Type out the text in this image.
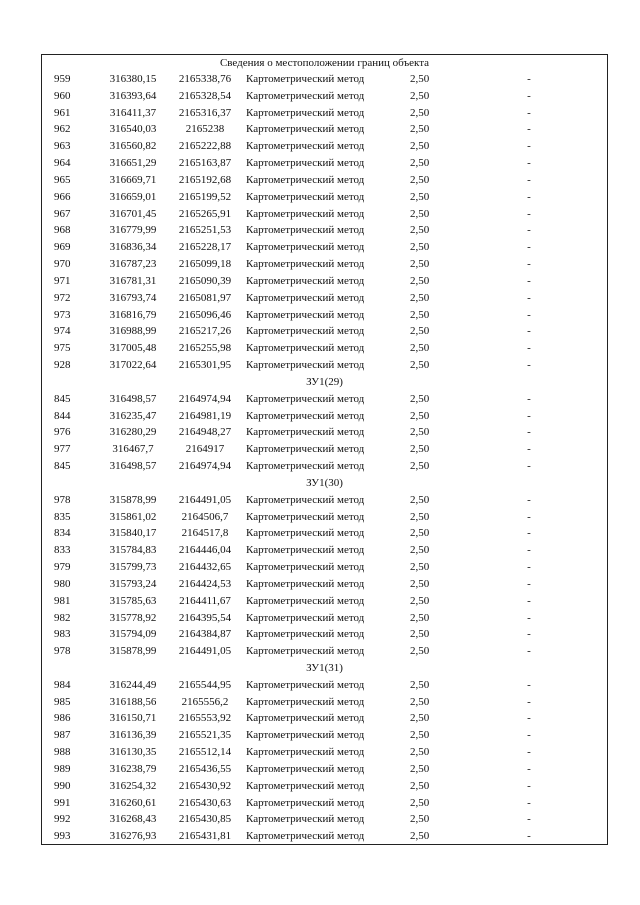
Сведения о местоположении границ объекта
959	316380,15	2165338,76	Картометрический метод	2,50	-
960	316393,64	2165328,54	Картометрический метод	2,50	-
961	316411,37	2165316,37	Картометрический метод	2,50	-
962	316540,03	2165238	Картометрический метод	2,50	-
963	316560,82	2165222,88	Картометрический метод	2,50	-
964	316651,29	2165163,87	Картометрический метод	2,50	-
965	316669,71	2165192,68	Картометрический метод	2,50	-
966	316659,01	2165199,52	Картометрический метод	2,50	-
967	316701,45	2165265,91	Картометрический метод	2,50	-
968	316779,99	2165251,53	Картометрический метод	2,50	-
969	316836,34	2165228,17	Картометрический метод	2,50	-
970	316787,23	2165099,18	Картометрический метод	2,50	-
971	316781,31	2165090,39	Картометрический метод	2,50	-
972	316793,74	2165081,97	Картометрический метод	2,50	-
973	316816,79	2165096,46	Картометрический метод	2,50	-
974	316988,99	2165217,26	Картометрический метод	2,50	-
975	317005,48	2165255,98	Картометрический метод	2,50	-
928	317022,64	2165301,95	Картометрический метод	2,50	-
ЗУ1(29)
845	316498,57	2164974,94	Картометрический метод	2,50	-
844	316235,47	2164981,19	Картометрический метод	2,50	-
976	316280,29	2164948,27	Картометрический метод	2,50	-
977	316467,7	2164917	Картометрический метод	2,50	-
845	316498,57	2164974,94	Картометрический метод	2,50	-
ЗУ1(30)
978	315878,99	2164491,05	Картометрический метод	2,50	-
835	315861,02	2164506,7	Картометрический метод	2,50	-
834	315840,17	2164517,8	Картометрический метод	2,50	-
833	315784,83	2164446,04	Картометрический метод	2,50	-
979	315799,73	2164432,65	Картометрический метод	2,50	-
980	315793,24	2164424,53	Картометрический метод	2,50	-
981	315785,63	2164411,67	Картометрический метод	2,50	-
982	315778,92	2164395,54	Картометрический метод	2,50	-
983	315794,09	2164384,87	Картометрический метод	2,50	-
978	315878,99	2164491,05	Картометрический метод	2,50	-
ЗУ1(31)
984	316244,49	2165544,95	Картометрический метод	2,50	-
985	316188,56	2165556,2	Картометрический метод	2,50	-
986	316150,71	2165553,92	Картометрический метод	2,50	-
987	316136,39	2165521,35	Картометрический метод	2,50	-
988	316130,35	2165512,14	Картометрический метод	2,50	-
989	316238,79	2165436,55	Картометрический метод	2,50	-
990	316254,32	2165430,92	Картометрический метод	2,50	-
991	316260,61	2165430,63	Картометрический метод	2,50	-
992	316268,43	2165430,85	Картометрический метод	2,50	-
993	316276,93	2165431,81	Картометрический метод	2,50	-
